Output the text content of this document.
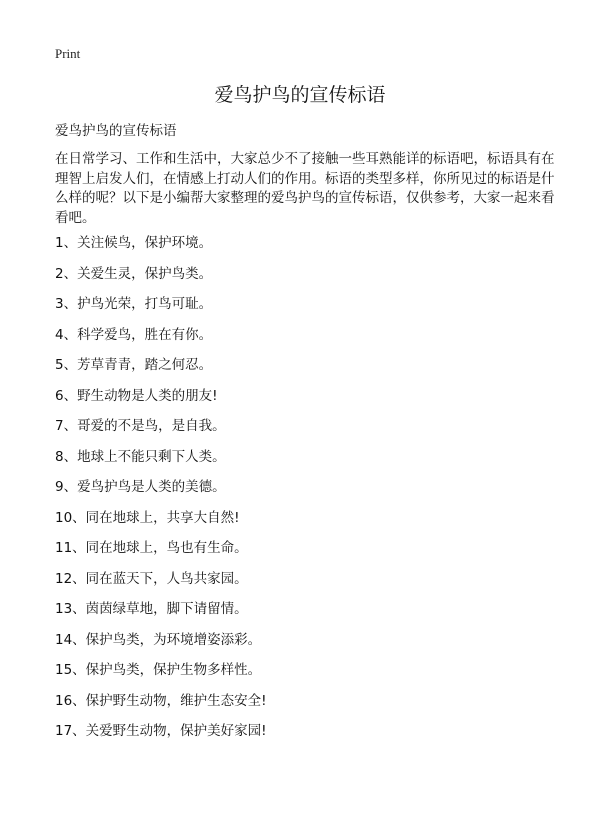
Print
爱鸟护鸟的宣传标语
爱鸟护鸟的宣传标语
在日常学习、工作和生活中，大家总少不了接触一些耳熟能详的标语吧，标语具有在理智上启发人们，在情感上打动人们的作用。标语的类型多样，你所见过的标语是什么样的呢？以下是小编帮大家整理的爱鸟护鸟的宣传标语，仅供参考，大家一起来看看吧。
1、关注候鸟，保护环境。
2、关爱生灵，保护鸟类。
3、护鸟光荣，打鸟可耻。
4、科学爱鸟，胜在有你。
5、芳草青青，踏之何忍。
6、野生动物是人类的朋友!
7、哥爱的不是鸟，是自我。
8、地球上不能只剩下人类。
9、爱鸟护鸟是人类的美德。
10、同在地球上，共享大自然!
11、同在地球上，鸟也有生命。
12、同在蓝天下，人鸟共家园。
13、茵茵绿草地，脚下请留情。
14、保护鸟类，为环境增姿添彩。
15、保护鸟类，保护生物多样性。
16、保护野生动物，维护生态安全!
17、关爱野生动物，保护美好家园!
